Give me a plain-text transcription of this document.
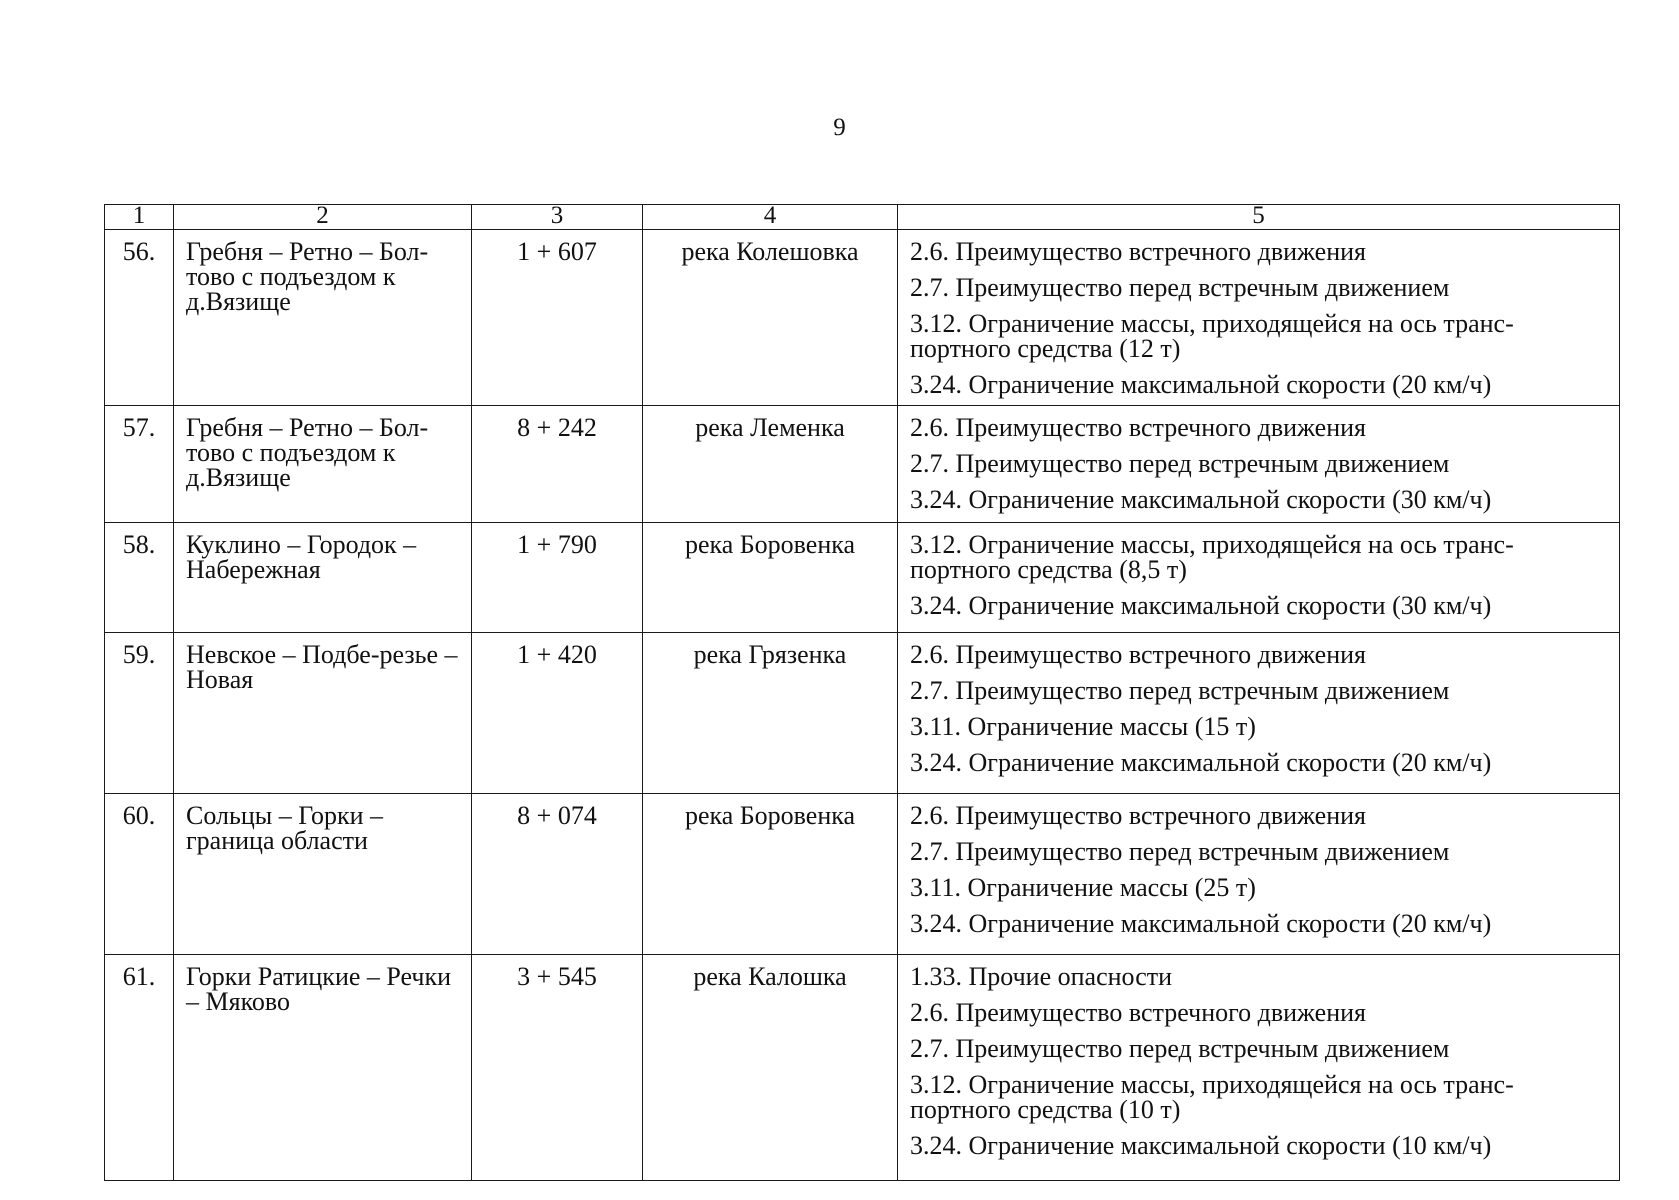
9
1	2	3	4	5
56.	Гребня – Ретно – Бол-тово с подъездом к д.Вязище	1 + 607	река Колешовка	2.6. Преимущество встречного движения
2.7. Преимущество перед встречным движением
3.12. Ограничение массы, приходящейся на ось транс-портного средства (12 т)
3.24. Ограничение максимальной скорости (20 км/ч)

57.	Гребня – Ретно – Бол-тово с подъездом к д.Вязище	8 + 242	река Леменка	2.6. Преимущество встречного движения
2.7. Преимущество перед встречным движением
3.24. Ограничение максимальной скорости (30 км/ч)

58.	Куклино – Городок – Набережная	1 + 790	река Боровенка	3.12. Ограничение массы, приходящейся на ось транс-портного средства (8,5 т)
3.24. Ограничение максимальной скорости (30 км/ч)

59.	Невское – Подбе-резье – Новая	1 + 420	река Грязенка	2.6. Преимущество встречного движения
2.7. Преимущество перед встречным движением
3.11. Ограничение массы (15 т)
3.24. Ограничение максимальной скорости (20 км/ч)

60.	Сольцы – Горки – граница области	8 + 074	река Боровенка	2.6. Преимущество встречного движения
2.7. Преимущество перед встречным движением
3.11. Ограничение массы (25 т)
3.24. Ограничение максимальной скорости (20 км/ч)

61.	Горки Ратицкие – Речки – Мяково	3 + 545	река Калошка	1.33. Прочие опасности
2.6. Преимущество встречного движения
2.7. Преимущество перед встречным движением
3.12. Ограничение массы, приходящейся на ось транс-портного средства (10 т)
3.24. Ограничение максимальной скорости (10 км/ч)
